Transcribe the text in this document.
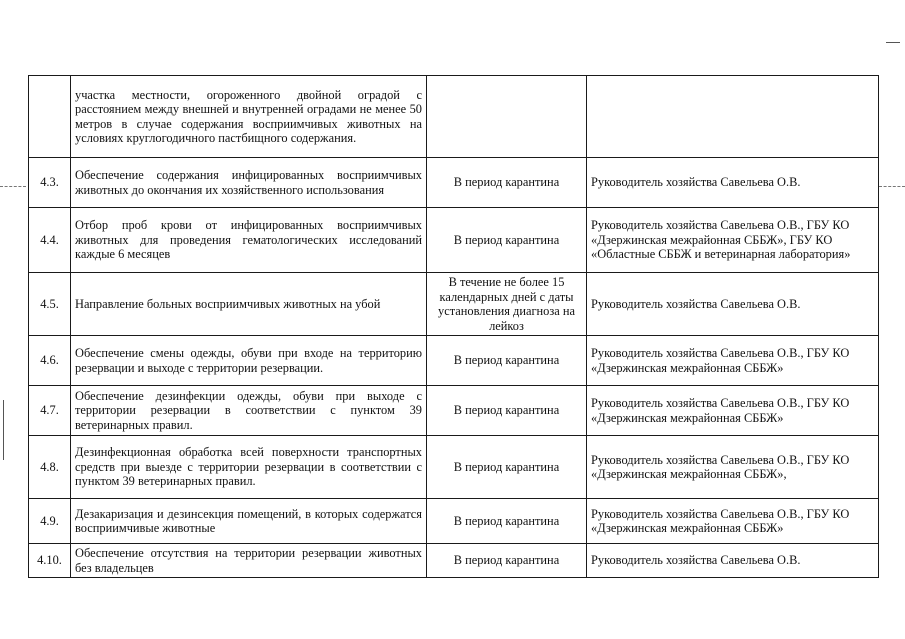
	участка местности, огороженного двойной оградой с расстоянием между внешней и внутренней оградами не менее 50 метров в случае содержания восприимчивых животных на условиях круглогодичного пастбищного содержания.		
4.3.	Обеспечение содержания инфицированных восприимчивых животных до окончания их хозяйственного использования	В период карантина	Руководитель хозяйства Савельева О.В.
4.4.	Отбор проб крови от инфицированных восприимчивых животных для проведения гематологических исследований каждые 6 месяцев	В период карантина	Руководитель хозяйства Савельева О.В., ГБУ КО «Дзержинская межрайонная СББЖ», ГБУ КО «Областные СББЖ и ветеринарная лаборатория»
4.5.	Направление больных восприимчивых животных на убой	В течение не более 15 календарных дней с даты установления диагноза на лейкоз	Руководитель хозяйства Савельева О.В.
4.6.	Обеспечение смены одежды, обуви при входе на территорию резервации и выходе с территории резервации.	В период карантина	Руководитель хозяйства Савельева О.В., ГБУ КО «Дзержинская межрайонная СББЖ»
4.7.	Обеспечение дезинфекции одежды, обуви при выходе с территории резервации в соответствии с пунктом 39 ветеринарных правил.	В период карантина	Руководитель хозяйства Савельева О.В., ГБУ КО «Дзержинская межрайонная СББЖ»
4.8.	Дезинфекционная обработка всей поверхности транспортных средств при выезде с территории резервации в соответствии с пунктом 39 ветеринарных правил.	В период карантина	Руководитель хозяйства Савельева О.В., ГБУ КО «Дзержинская межрайонная СББЖ»,
4.9.	Дезакаризация и дезинсекция помещений, в которых содержатся восприимчивые животные	В период карантина	Руководитель хозяйства Савельева О.В., ГБУ КО «Дзержинская межрайонная СББЖ»
4.10.	Обеспечение отсутствия на территории резервации животных без владельцев	В период карантина	Руководитель хозяйства Савельева О.В.
